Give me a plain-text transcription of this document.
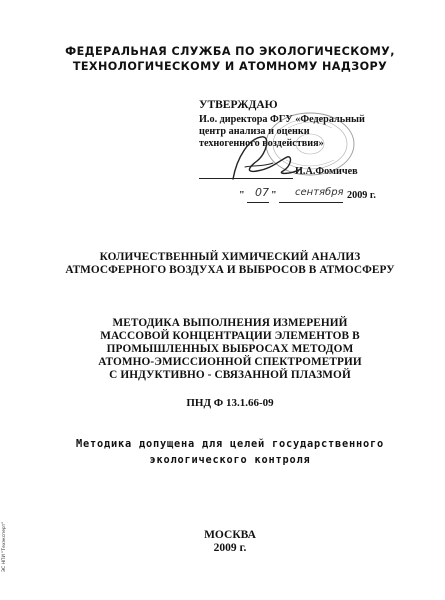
ФЕДЕРАЛЬНАЯ СЛУЖБА ПО ЭКОЛОГИЧЕСКОМУ,
ТЕХНОЛОГИЧЕСКОМУ И АТОМНОМУ НАДЗОРУ
УТВЕРЖДАЮ
И.о. директора ФГУ «Федеральный
центр анализа и оценки
техногенного воздействия»
И.А.Фомичев
" 07 " сентября 2009 г.
КОЛИЧЕСТВЕННЫЙ ХИМИЧЕСКИЙ АНАЛИЗ
АТМОСФЕРНОГО ВОЗДУХА И ВЫБРОСОВ В АТМОСФЕРУ
МЕТОДИКА ВЫПОЛНЕНИЯ ИЗМЕРЕНИЙ
МАССОВОЙ КОНЦЕНТРАЦИИ ЭЛЕМЕНТОВ В
ПРОМЫШЛЕННЫХ ВЫБРОСАХ МЕТОДОМ
АТОМНО-ЭМИССИОННОЙ СПЕКТРОМЕТРИИ
С ИНДУКТИВНО - СВЯЗАННОЙ ПЛАЗМОЙ
ПНД Ф 13.1.66-09
Методика допущена для целей государственного
экологического контроля
МОСКВА
2009 г.
ЭС НПИ "Техэксперт"
